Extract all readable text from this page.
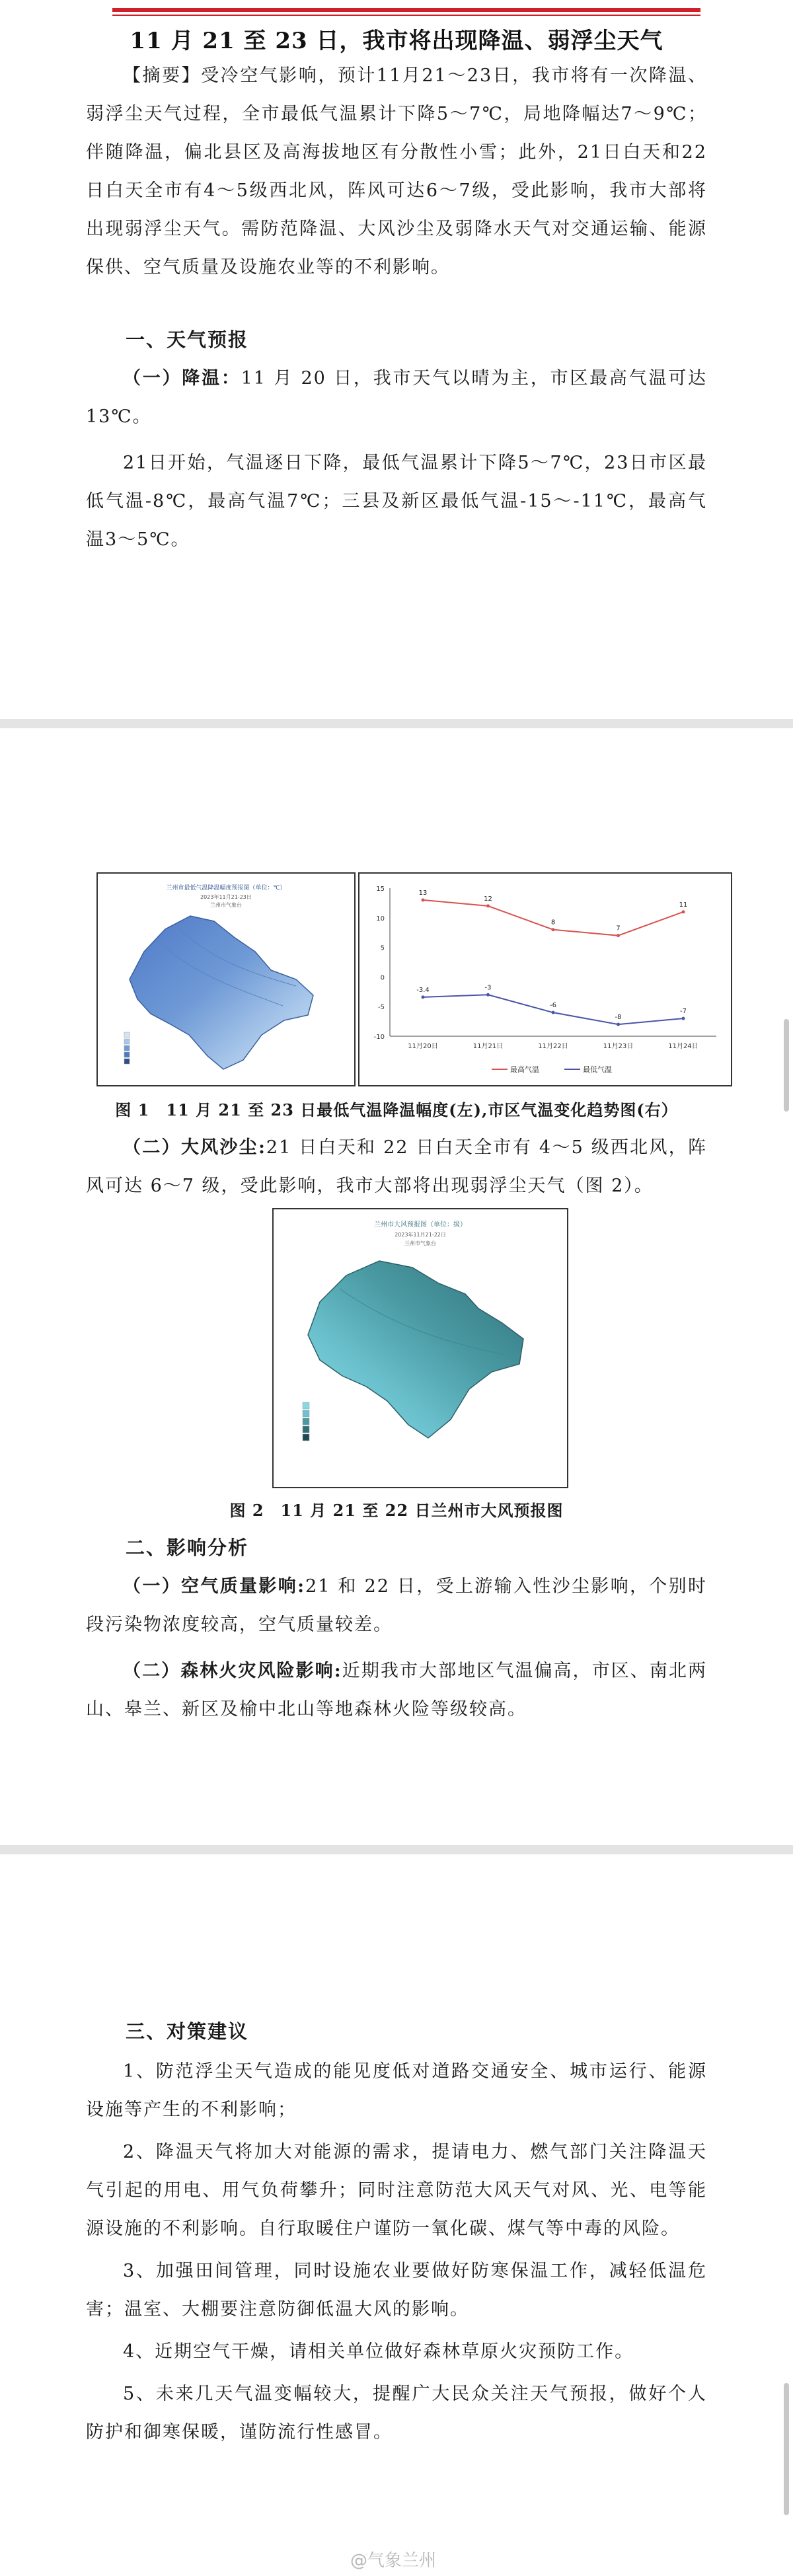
11 月 21 至 23 日，我市将出现降温、弱浮尘天气

【摘要】受冷空气影响，预计11月21～23日，我市将有一次降温、弱浮尘天气过程，全市最低气温累计下降5～7℃，局地降幅达7～9℃；伴随降温，偏北县区及高海拔地区有分散性小雪；此外，21日白天和22日白天全市有4～5级西北风，阵风可达6～7级，受此影响，我市大部将出现弱浮尘天气。需防范降温、大风沙尘及弱降水天气对交通运输、能源保供、空气质量及设施农业等的不利影响。

一、天气预报

（一）降温：11 月 20 日，我市天气以晴为主，市区最高气温可达 13℃。

21日开始，气温逐日下降，最低气温累计下降5～7℃，23日市区最低气温-8℃，最高气温7℃；三县及新区最低气温-15～-11℃，最高气温3～5℃。

兰州市最低气温降温幅度预报图（单位：℃）
2023年11月21-23日
兰州市气象台
15
10
5
0
-5
-10
11月20日	11月21日	11月22日	11月23日	11月24日
13
12
8
7
11
-3.4	-3
-6
-8
-7
最高气温	最低气温
图 1　11 月 21 至 23 日最低气温降温幅度(左),市区气温变化趋势图(右）

（二）大风沙尘:21 日白天和 22 日白天全市有 4～5 级西北风，阵风可达 6～7 级，受此影响，我市大部将出现弱浮尘天气（图 2）。

兰州市大风预报图（单位：级）
2023年11月21-22日
兰州市气象台
图 2　11 月 21 至 22 日兰州市大风预报图
二、影响分析

（一）空气质量影响:21 和 22 日，受上游输入性沙尘影响，个别时段污染物浓度较高，空气质量较差。

（二）森林火灾风险影响:近期我市大部地区气温偏高，市区、南北两山、皋兰、新区及榆中北山等地森林火险等级较高。

三、对策建议

1、防范浮尘天气造成的能见度低对道路交通安全、城市运行、能源设施等产生的不利影响；

2、降温天气将加大对能源的需求，提请电力、燃气部门关注降温天气引起的用电、用气负荷攀升；同时注意防范大风天气对风、光、电等能源设施的不利影响。自行取暖住户谨防一氧化碳、煤气等中毒的风险。

3、加强田间管理，同时设施农业要做好防寒保温工作，减轻低温危害；温室、大棚要注意防御低温大风的影响。

4、近期空气干燥，请相关单位做好森林草原火灾预防工作。

5、未来几天气温变幅较大，提醒广大民众关注天气预报，做好个人防护和御寒保暖，谨防流行性感冒。

@气象兰州
